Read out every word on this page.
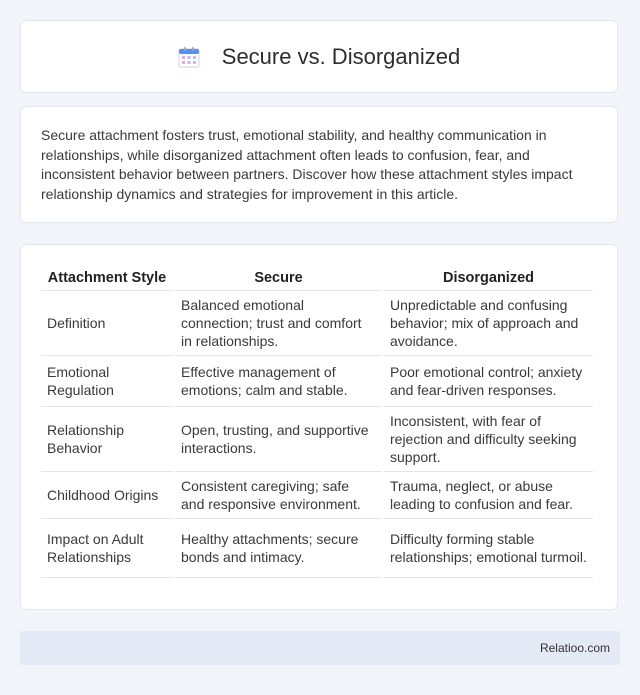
Secure vs. Disorganized

Secure attachment fosters trust, emotional stability, and healthy communication in relationships, while disorganized attachment often leads to confusion, fear, and inconsistent behavior between partners. Discover how these attachment styles impact relationship dynamics and strategies for improvement in this article.

Attachment Style	Secure	Disorganized
Definition	Balanced emotional connection; trust and comfort in relationships.	Unpredictable and confusing behavior; mix of approach and avoidance.
Emotional Regulation	Effective management of emotions; calm and stable.	Poor emotional control; anxiety and fear-driven responses.
Relationship Behavior	Open, trusting, and supportive interactions.	Inconsistent, with fear of rejection and difficulty seeking support.
Childhood Origins	Consistent caregiving; safe and responsive environment.	Trauma, neglect, or abuse leading to confusion and fear.
Impact on Adult Relationships	Healthy attachments; secure bonds and intimacy.	Difficulty forming stable relationships; emotional turmoil.
Relatioo.com
